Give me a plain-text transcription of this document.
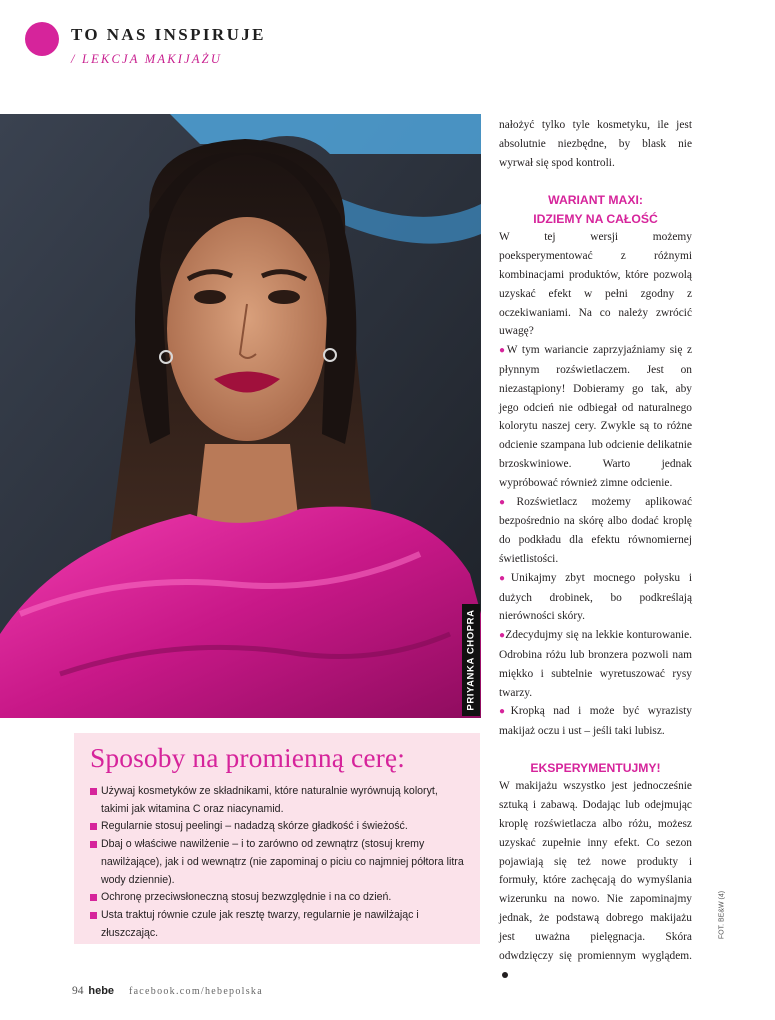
TO NAS INSPIRUJE
/ LEKCJA MAKIJAŻU
PRIYANKA CHOPRA

nałożyć tylko tyle kosmetyku, ile jest absolutnie niezbędne, by blask nie wyrwał się spod kontroli.

WARIANT MAXI:
IDZIEMY NA CAŁOŚĆ

W tej wersji możemy poeksperymentować z różnymi kombinacjami produktów, które pozwolą uzyskać efekt w pełni zgodny z oczekiwaniami. Na co należy zwrócić uwagę?

●W tym wariancie zaprzyjaźniamy się z płynnym rozświetlaczem. Jest on niezastąpiony! Dobieramy go tak, aby jego odcień nie odbiegał od naturalnego kolorytu naszej cery. Zwykle są to różne odcienie szampana lub odcienie delikatnie brzoskwiniowe. Warto jednak wypróbować również zimne odcienie.

●Rozświetlacz możemy aplikować bezpośrednio na skórę albo dodać kroplę do podkładu dla efektu równomiernej świetlistości.

●Unikajmy zbyt mocnego połysku i dużych drobinek, bo podkreślają nierówności skóry.

●Zdecydujmy się na lekkie konturowanie. Odrobina różu lub bronzera pozwoli nam miękko i subtelnie wyretuszować rysy twarzy.

●Kropką nad i może być wyrazisty makijaż oczu i ust – jeśli taki lubisz.

EKSPERYMENTUJMY!

W makijażu wszystko jest jednocześnie sztuką i zabawą. Dodając lub odejmując kroplę rozświetlacza albo różu, możesz uzyskać zupełnie inny efekt. Co sezon pojawiają się też nowe produkty i formuły, które zachęcają do wymyślania wizerunku na nowo. Nie zapominajmy jednak, że podstawą dobrego makijażu jest uważna pielęgnacja. Skóra odwdzięczy się promiennym wyglądem.

Sposoby na promienną cerę:
Używaj kosmetyków ze składnikami, które naturalnie wyrównują koloryt, takimi jak witamina C oraz niacynamid.
Regularnie stosuj peelingi – nadadzą skórze gładkość i świeżość.
Dbaj o właściwe nawilżenie – i to zarówno od zewnątrz (stosuj kremy nawilżające), jak i od wewnątrz (nie zapominaj o piciu co najmniej półtora litra wody dziennie).
Ochronę przeciwsłoneczną stosuj bezwzględnie i na co dzień.
Usta traktuj równie czule jak resztę twarzy, regularnie je nawilżając i złuszczając.	FOT. BE&W (4)
94 hebe facebook.com/hebepolska
